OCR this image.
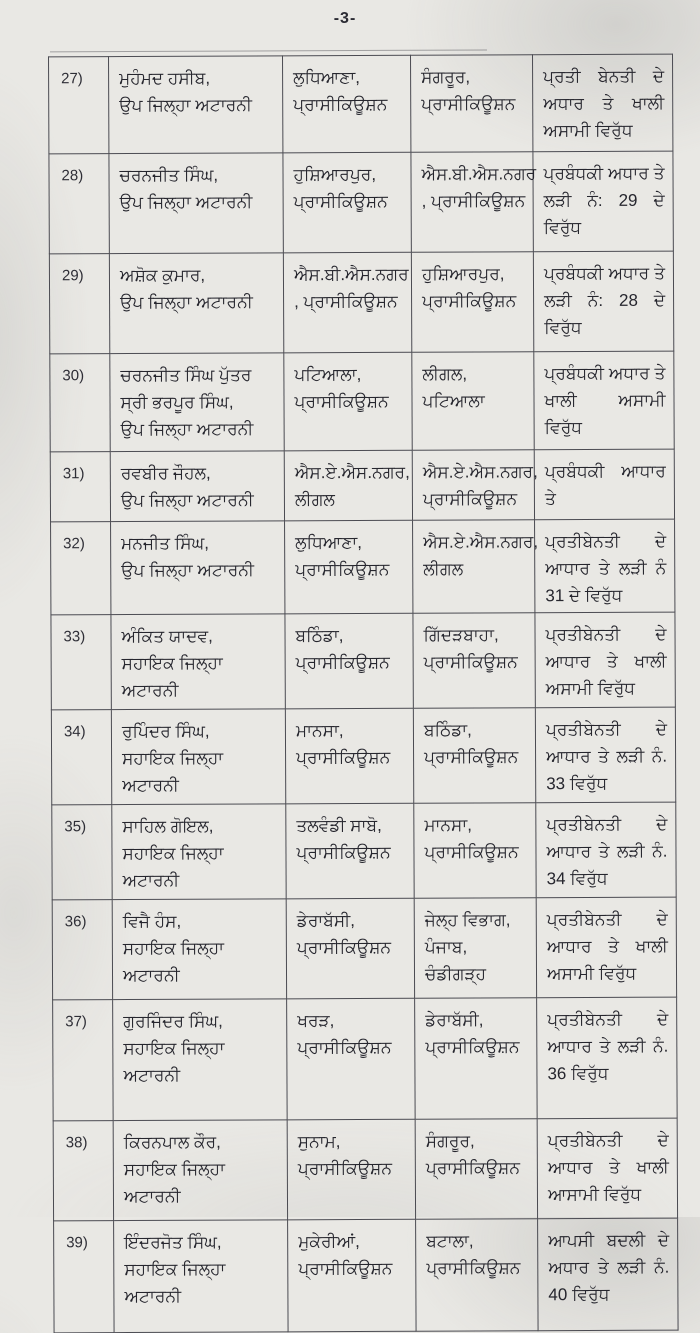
-3-
27)	ਮੁਹੰਮਦ ਹਸੀਬ,
ਉਪ ਜਿਲ੍ਹਾ ਅਟਾਰਨੀ	ਲੁਧਿਆਣਾ, ਪ੍ਰਾਸੀਕਿਊਸ਼ਨ	ਸੰਗਰੂਰ, ਪ੍ਰਾਸੀਕਿਊਸ਼ਨ	ਪ੍ਰਤੀ ਬੇਨਤੀ ਦੇ ਅਧਾਰ ਤੇ ਖਾਲੀ ਅਸਾਮੀ ਵਿਰੁੱਧ
28)	ਚਰਨਜੀਤ ਸਿੰਘ,
ਉਪ ਜਿਲ੍ਹਾ ਅਟਾਰਨੀ	ਹੁਸ਼ਿਆਰਪੁਰ, ਪ੍ਰਾਸੀਕਿਊਸ਼ਨ	ਐਸ.ਬੀ.ਐਸ.ਨਗਰ , ਪ੍ਰਾਸੀਕਿਊਸ਼ਨ	ਪ੍ਰਬੰਧਕੀ ਅਧਾਰ ਤੇ ਲੜੀ ਨੰ: 29 ਦੇ ਵਿਰੁੱਧ
29)	ਅਸ਼ੋਕ ਕੁਮਾਰ,
ਉਪ ਜਿਲ੍ਹਾ ਅਟਾਰਨੀ	ਐਸ.ਬੀ.ਐਸ.ਨਗਰ , ਪ੍ਰਾਸੀਕਿਊਸ਼ਨ	ਹੁਸ਼ਿਆਰਪੁਰ, ਪ੍ਰਾਸੀਕਿਊਸ਼ਨ	ਪ੍ਰਬੰਧਕੀ ਅਧਾਰ ਤੇ ਲੜੀ ਨੰ: 28 ਦੇ ਵਿਰੁੱਧ
30)	ਚਰਨਜੀਤ ਸਿੰਘ ਪੁੱਤਰ ਸ੍ਰੀ ਭਰਪੂਰ ਸਿੰਘ,
ਉਪ ਜਿਲ੍ਹਾ ਅਟਾਰਨੀ	ਪਟਿਆਲਾ, ਪ੍ਰਾਸੀਕਿਊਸ਼ਨ	ਲੀਗਲ, ਪਟਿਆਲਾ	ਪ੍ਰਬੰਧਕੀ ਅਧਾਰ ਤੇ ਖਾਲੀ ਅਸਾਮੀ ਵਿਰੁੱਧ
31)	ਰਵਬੀਰ ਜੌਹਲ,
ਉਪ ਜਿਲ੍ਹਾ ਅਟਾਰਨੀ	ਐਸ.ਏ.ਐਸ.ਨਗਰ, ਲੀਗਲ	ਐਸ.ਏ.ਐਸ.ਨਗਰ, ਪ੍ਰਾਸੀਕਿਊਸ਼ਨ	ਪ੍ਰਬੰਧਕੀ ਆਧਾਰ ਤੇ
32)	ਮਨਜੀਤ ਸਿੰਘ,
ਉਪ ਜਿਲ੍ਹਾ ਅਟਾਰਨੀ	ਲੁਧਿਆਣਾ, ਪ੍ਰਾਸੀਕਿਊਸ਼ਨ	ਐਸ.ਏ.ਐਸ.ਨਗਰ, ਲੀਗਲ	ਪ੍ਰਤੀਬੇਨਤੀ ਦੇ ਆਧਾਰ ਤੇ ਲੜੀ ਨੰ 31 ਦੇ ਵਿਰੁੱਧ
33)	ਅੰਕਿਤ ਯਾਦਵ,
ਸਹਾਇਕ ਜਿਲ੍ਹਾ ਅਟਾਰਨੀ	ਬਠਿੰਡਾ, ਪ੍ਰਾਸੀਕਿਊਸ਼ਨ	ਗਿੱਦੜਬਾਹਾ, ਪ੍ਰਾਸੀਕਿਊਸ਼ਨ	ਪ੍ਰਤੀਬੇਨਤੀ ਦੇ ਆਧਾਰ ਤੇ ਖਾਲੀ ਅਸਾਮੀ ਵਿਰੁੱਧ
34)	ਰੁਪਿੰਦਰ ਸਿੰਘ,
ਸਹਾਇਕ ਜਿਲ੍ਹਾ ਅਟਾਰਨੀ	ਮਾਨਸਾ, ਪ੍ਰਾਸੀਕਿਊਸ਼ਨ	ਬਠਿੰਡਾ, ਪ੍ਰਾਸੀਕਿਊਸ਼ਨ	ਪ੍ਰਤੀਬੇਨਤੀ ਦੇ ਆਧਾਰ ਤੇ ਲੜੀ ਨੰ. 33 ਵਿਰੁੱਧ
35)	ਸਾਹਿਲ ਗੋਇਲ,
ਸਹਾਇਕ ਜਿਲ੍ਹਾ ਅਟਾਰਨੀ	ਤਲਵੰਡੀ ਸਾਬੋ, ਪ੍ਰਾਸੀਕਿਊਸ਼ਨ	ਮਾਨਸਾ, ਪ੍ਰਾਸੀਕਿਊਸ਼ਨ	ਪ੍ਰਤੀਬੇਨਤੀ ਦੇ ਆਧਾਰ ਤੇ ਲੜੀ ਨੰ. 34 ਵਿਰੁੱਧ
36)	ਵਿਜੈ ਹੰਸ,
ਸਹਾਇਕ ਜਿਲ੍ਹਾ ਅਟਾਰਨੀ	ਡੇਰਾਬੱਸੀ, ਪ੍ਰਾਸੀਕਿਊਸ਼ਨ	ਜੇਲ੍ਹ ਵਿਭਾਗ, ਪੰਜਾਬ, ਚੰਡੀਗੜ੍ਹ	ਪ੍ਰਤੀਬੇਨਤੀ ਦੇ ਆਧਾਰ ਤੇ ਖਾਲੀ ਅਸਾਮੀ ਵਿਰੁੱਧ
37)	ਗੁਰਜਿੰਦਰ ਸਿੰਘ,
ਸਹਾਇਕ ਜਿਲ੍ਹਾ ਅਟਾਰਨੀ	ਖਰੜ, ਪ੍ਰਾਸੀਕਿਊਸ਼ਨ	ਡੇਰਾਬੱਸੀ, ਪ੍ਰਾਸੀਕਿਊਸ਼ਨ	ਪ੍ਰਤੀਬੇਨਤੀ ਦੇ ਆਧਾਰ ਤੇ ਲੜੀ ਨੰ. 36 ਵਿਰੁੱਧ
38)	ਕਿਰਨਪਾਲ ਕੌਰ,
ਸਹਾਇਕ ਜਿਲ੍ਹਾ ਅਟਾਰਨੀ	ਸੁਨਾਮ, ਪ੍ਰਾਸੀਕਿਊਸ਼ਨ	ਸੰਗਰੂਰ, ਪ੍ਰਾਸੀਕਿਊਸ਼ਨ	ਪ੍ਰਤੀਬੇਨਤੀ ਦੇ ਆਧਾਰ ਤੇ ਖਾਲੀ ਆਸਾਮੀ ਵਿਰੁੱਧ
39)	ਇੰਦਰਜੋਤ ਸਿੰਘ,
ਸਹਾਇਕ ਜਿਲ੍ਹਾ ਅਟਾਰਨੀ	ਮੁਕੇਰੀਆਂ, ਪ੍ਰਾਸੀਕਿਊਸ਼ਨ	ਬਟਾਲਾ, ਪ੍ਰਾਸੀਕਿਊਸ਼ਨ	ਆਪਸੀ ਬਦਲੀ ਦੇ ਅਧਾਰ ਤੇ ਲੜੀ ਨੰ. 40 ਵਿਰੁੱਧ
